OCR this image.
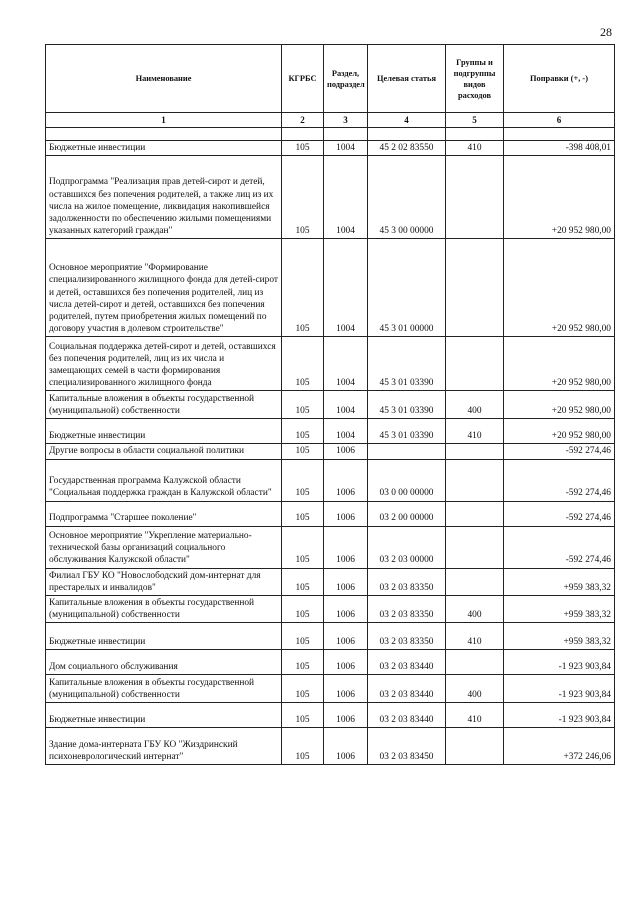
28
Наименование	КГРБС	Раздел, подраздел	Целевая статья	Группы и подгруппы видов расходов	Поправки (+, -)
1	2	3	4	5	6

Бюджетные инвестиции	105	1004	45 2 02 83550	410	-398 408,01
Подпрограмма "Реализация прав детей-сирот и детей, оставшихся без попечения родителей, а также лиц из их числа на жилое помещение, ликвидация накопившейся задолженности по обеспечению жилыми помещениями указанных категорий граждан"	105	1004	45 3 00 00000		+20 952 980,00
Основное мероприятие "Формирование специализированного жилищного фонда для детей-сирот и детей, оставшихся без попечения родителей, лиц из числа детей-сирот и детей, оставшихся без попечения родителей, путем приобретения жилых помещений по договору участия в долевом строительстве"	105	1004	45 3 01 00000		+20 952 980,00
Социальная поддержка детей-сирот и детей, оставшихся без попечения родителей, лиц из их числа и замещающих семей в части формирования специализированного жилищного фонда	105	1004	45 3 01 03390		+20 952 980,00
Капитальные вложения в объекты государственной (муниципальной) собственности	105	1004	45 3 01 03390	400	+20 952 980,00
Бюджетные инвестиции	105	1004	45 3 01 03390	410	+20 952 980,00
Другие вопросы в области социальной политики	105	1006			-592 274,46
Государственная программа Калужской области "Социальная поддержка граждан в Калужской области"	105	1006	03 0 00 00000		-592 274,46
Подпрограмма "Старшее поколение"	105	1006	03 2 00 00000		-592 274,46
Основное мероприятие "Укрепление материально-технической базы организаций социального обслуживания Калужской области"	105	1006	03 2 03 00000		-592 274,46
Филиал ГБУ КО "Новослободский дом-интернат для престарелых и инвалидов"	105	1006	03 2 03 83350		+959 383,32
Капитальные вложения в объекты государственной (муниципальной) собственности	105	1006	03 2 03 83350	400	+959 383,32
Бюджетные инвестиции	105	1006	03 2 03 83350	410	+959 383,32
Дом социального обслуживания	105	1006	03 2 03 83440		-1 923 903,84
Капитальные вложения в объекты государственной (муниципальной) собственности	105	1006	03 2 03 83440	400	-1 923 903,84
Бюджетные инвестиции	105	1006	03 2 03 83440	410	-1 923 903,84
Здание дома-интерната ГБУ КО "Жиздринский психоневрологический интернат"	105	1006	03 2 03 83450		+372 246,06
